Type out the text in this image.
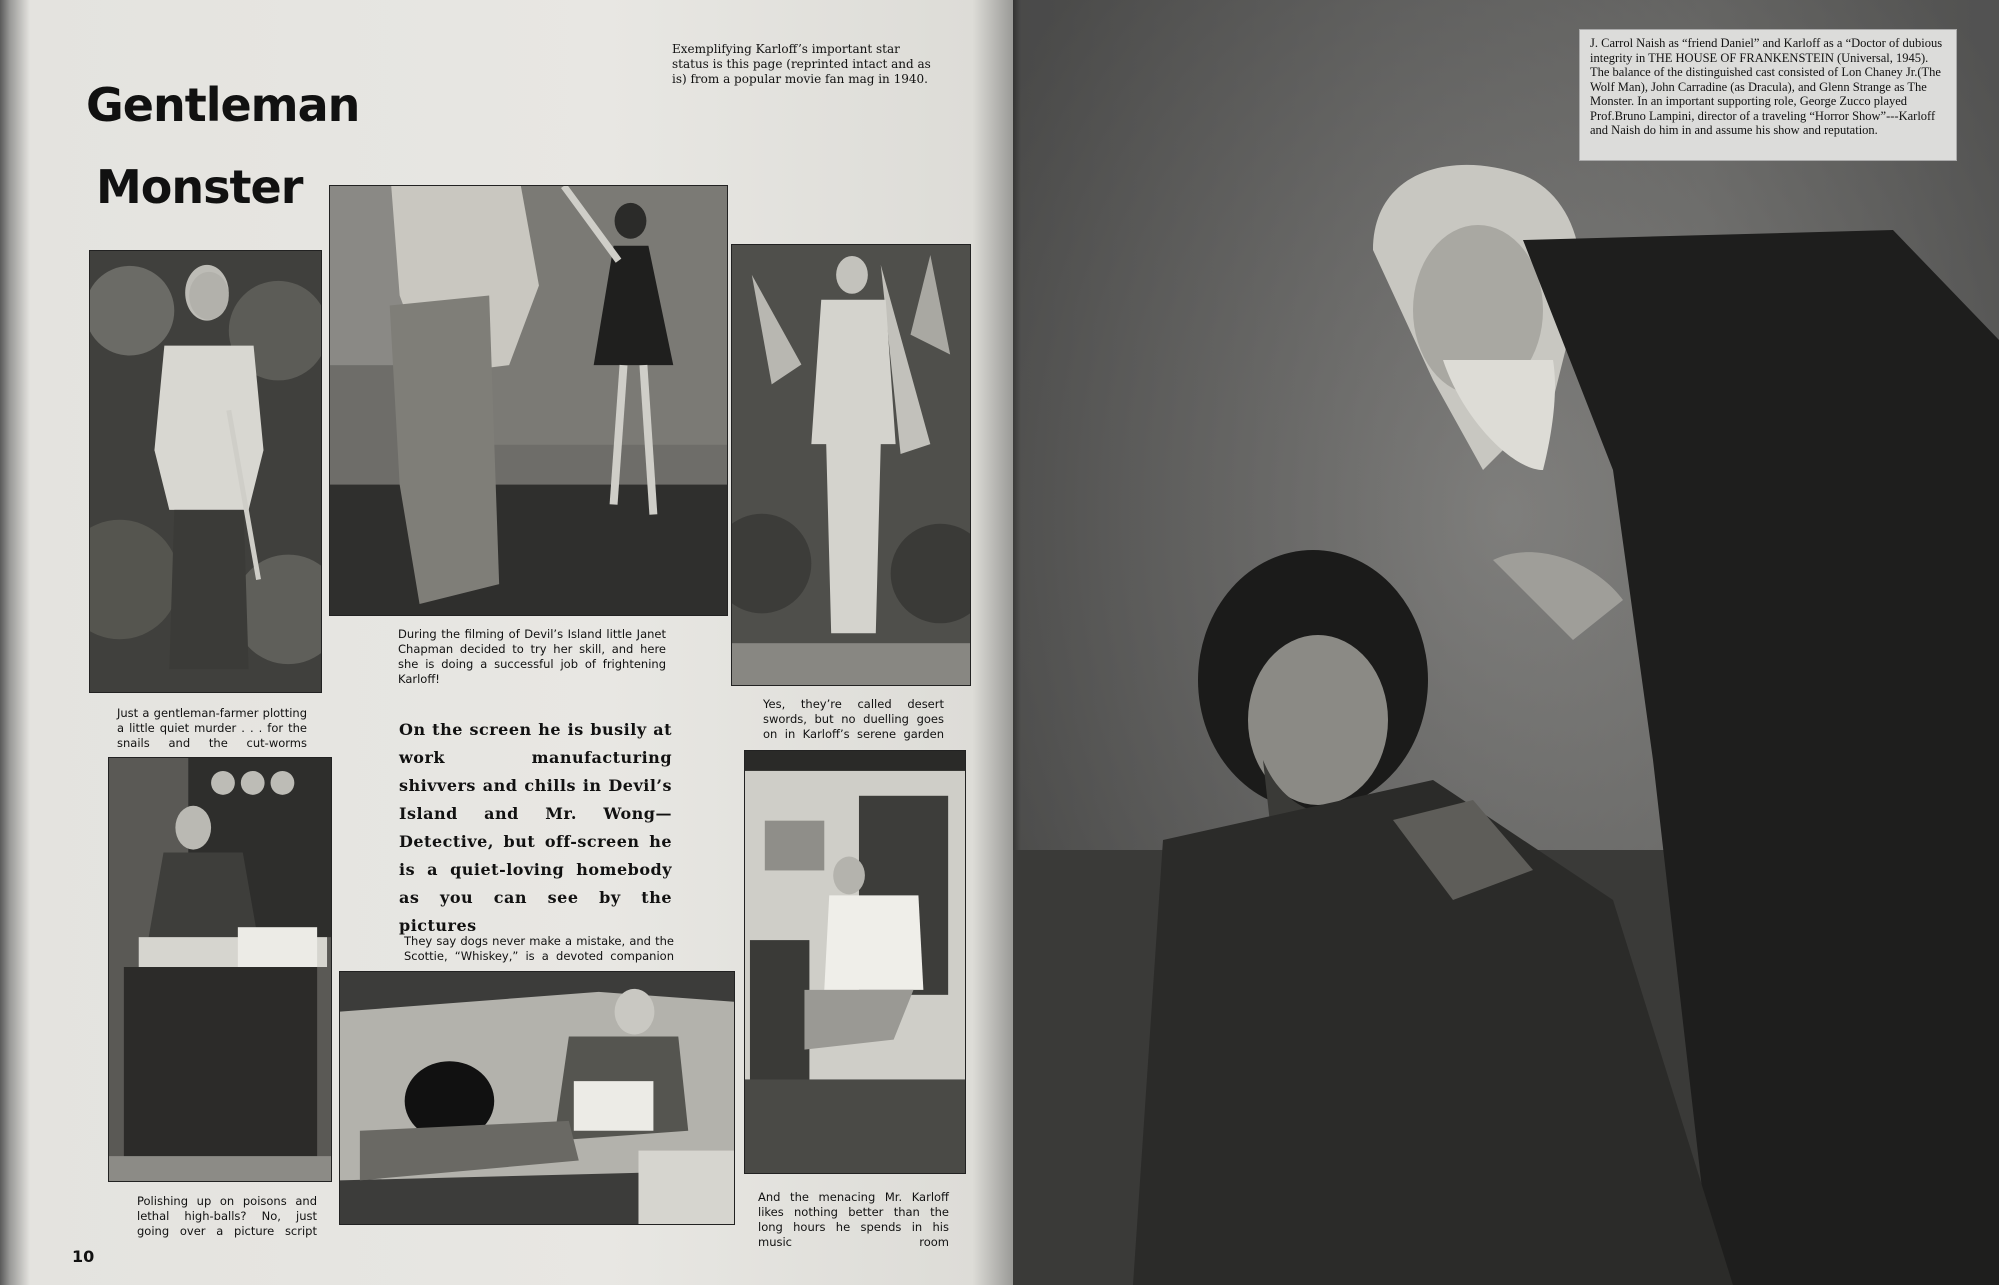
Gentleman
Monster
Exemplifying Karloff’s important star status is this page (reprinted intact and as is) from a popular movie fan mag in 1940.
Just a gentleman-farmer plotting a little quiet murder . . . for the snails and the cut-worms
During the filming of Devil’s Island little Janet Chapman decided to try her skill, and here she is doing a successful job of frightening Karloff!
Yes, they’re called desert swords, but no duelling goes on in Karloff’s serene garden
On the screen he is busily at work manufacturing shivvers and chills in Devil’s Island and Mr. Wong—Detective, but off-screen he is a quiet-loving homebody as you can see by the pictures
They say dogs never make a mistake, and the Scottie, “Whiskey,” is a devoted companion
Polishing up on poisons and lethal high-balls? No, just going over a picture script
And the menacing Mr. Karloff likes nothing better than the long hours he spends in his music room
10
J. Carrol Naish as “friend Daniel” and Karloff as a “Doctor of dubious integrity in THE HOUSE OF FRANKENSTEIN (Universal, 1945). The balance of the distinguished cast consisted of Lon Chaney Jr.(The Wolf Man), John Carradine (as Dracula), and Glenn Strange as The Monster. In an important supporting role, George Zucco played Prof.Bruno Lampini, director of a traveling “Horror Show”---Karloff and Naish do him in and assume his show and reputation.
